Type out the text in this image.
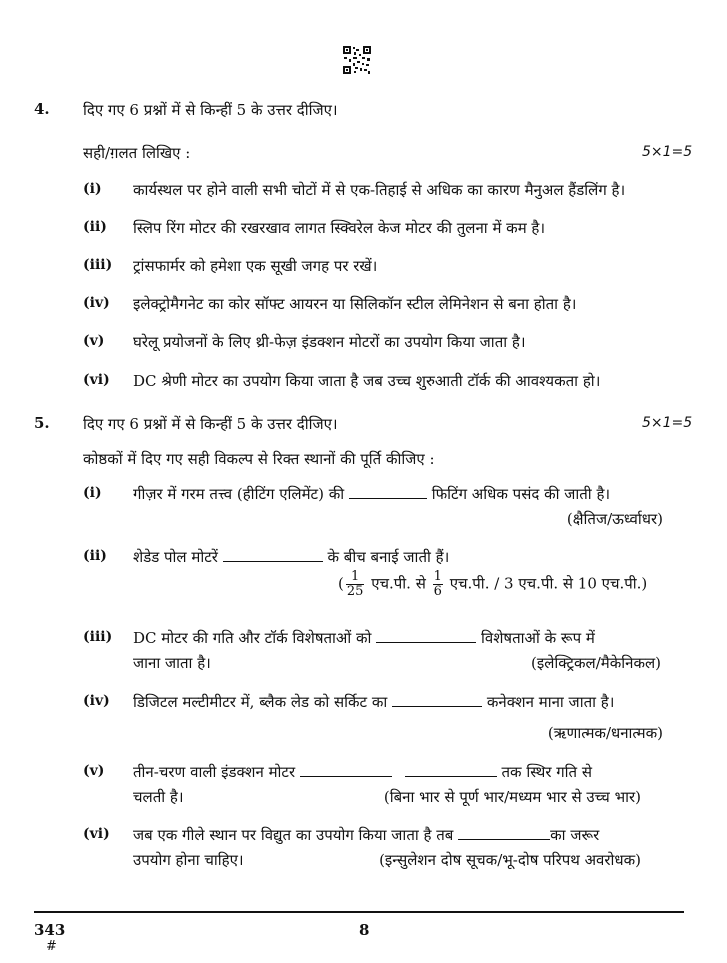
4. दिए गए 6 प्रश्नों में से किन्हीं 5 के उत्तर दीजिए।
सही/ग़लत लिखिए :	5×1=5
(i) कार्यस्थल पर होने वाली सभी चोटों में से एक-तिहाई से अधिक का कारण मैनुअल हैंडलिंग है।
(ii) स्लिप रिंग मोटर की रखरखाव लागत स्क्विरेल केज मोटर की तुलना में कम है।
(iii) ट्रांसफार्मर को हमेशा एक सूखी जगह पर रखें।
(iv) इलेक्ट्रोमैगनेट का कोर सॉफ्ट आयरन या सिलिकॉन स्टील लेमिनेशन से बना होता है।
(v) घरेलू प्रयोजनों के लिए थ्री-फेज़ इंडक्शन मोटरों का उपयोग किया जाता है।
(vi) DC श्रेणी मोटर का उपयोग किया जाता है जब उच्च शुरुआती टॉर्क की आवश्यकता हो।
5. दिए गए 6 प्रश्नों में से किन्हीं 5 के उत्तर दीजिए।	5×1=5
कोष्ठकों में दिए गए सही विकल्प से रिक्त स्थानों की पूर्ति कीजिए :
(i) गीज़र में गरम तत्त्व (हीटिंग एलिमेंट) की	फिटिंग अधिक पसंद की जाती है।
(क्षैतिज/ऊर्ध्वाधर)
(ii) शेडेड पोल मोटरें	के बीच बनाई जाती हैं।
( $\frac{1}{25}$ एच.पी. से $\frac{1}{6}$ एच.पी. / 3 एच.पी. से 10 एच.पी.)
(iii) DC मोटर की गति और टॉर्क विशेषताओं को	विशेषताओं के रूप में
जाना जाता है।	(इलेक्ट्रिकल/मैकेनिकल)
(iv) डिजिटल मल्टीमीटर में, ब्लैक लेड को सर्किट का	कनेक्शन माना जाता है।
(ऋणात्मक/धनात्मक)
(v) तीन-चरण वाली इंडक्शन मोटर	तक स्थिर गति से
चलती है।	(बिना भार से पूर्ण भार/मध्यम भार से उच्च भार)
(vi) जब एक गीले स्थान पर विद्युत का उपयोग किया जाता है तब	का जरूर
उपयोग होना चाहिए।	(इन्सुलेशन दोष सूचक/भू-दोष परिपथ अवरोधक)
343
#
8
